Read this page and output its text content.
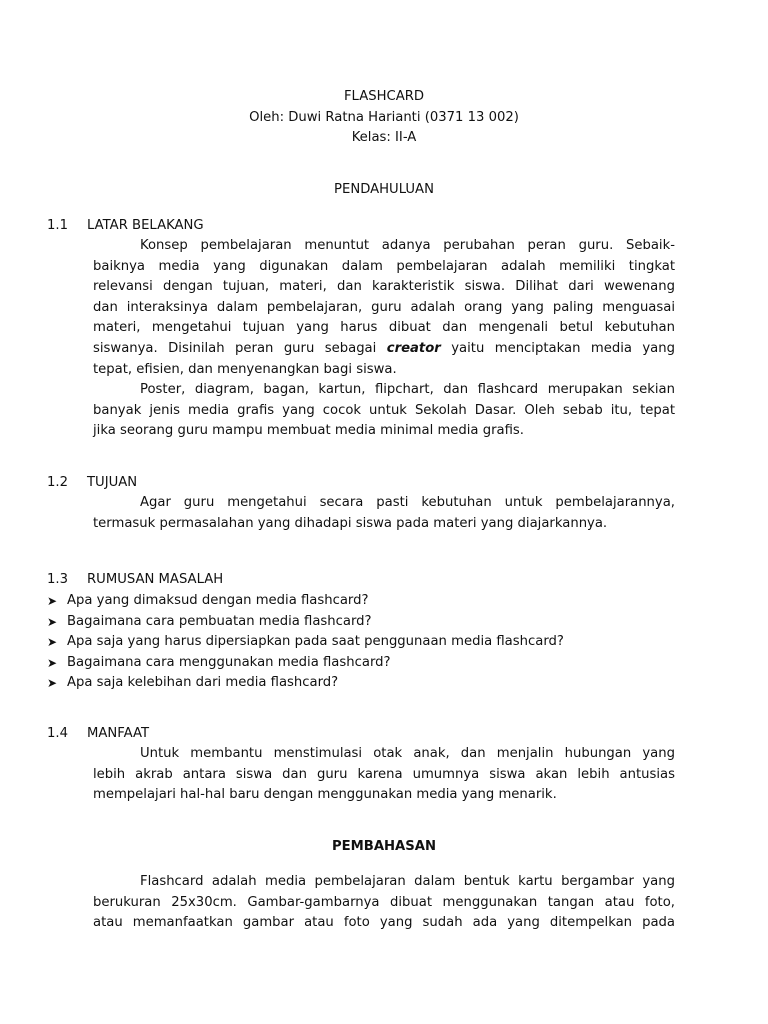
FLASHCARD

Oleh: Duwi Ratna Harianti (0371 13 002)

Kelas: II-A

PENDAHULUAN

1.1 LATAR BELAKANG

Konsep pembelajaran menuntut adanya perubahan peran guru. Sebaik-
baiknya media yang digunakan dalam pembelajaran adalah memiliki tingkat
relevansi dengan tujuan, materi, dan karakteristik siswa. Dilihat dari wewenang
dan interaksinya dalam pembelajaran, guru adalah orang yang paling menguasai
materi, mengetahui tujuan yang harus dibuat dan mengenali betul kebutuhan
siswanya. Disinilah peran guru sebagai creator yaitu menciptakan media yang
tepat, efisien, dan menyenangkan bagi siswa.
Poster, diagram, bagan, kartun, flipchart, dan flashcard merupakan sekian
banyak jenis media grafis yang cocok untuk Sekolah Dasar. Oleh sebab itu, tepat
jika seorang guru mampu membuat media minimal media grafis.

1.2 TUJUAN

Agar guru mengetahui secara pasti kebutuhan untuk pembelajarannya,
termasuk permasalahan yang dihadapi siswa pada materi yang diajarkannya.

1.3 RUMUSAN MASALAH

➤ Apa yang dimaksud dengan media flashcard?
➤ Bagaimana cara pembuatan media flashcard?
➤ Apa saja yang harus dipersiapkan pada saat penggunaan media flashcard?
➤ Bagaimana cara menggunakan media flashcard?
➤ Apa saja kelebihan dari media flashcard?

1.4 MANFAAT

Untuk membantu menstimulasi otak anak, dan menjalin hubungan yang
lebih akrab antara siswa dan guru karena umumnya siswa akan lebih antusias
mempelajari hal-hal baru dengan menggunakan media yang menarik.

PEMBAHASAN

Flashcard adalah media pembelajaran dalam bentuk kartu bergambar yang
berukuran 25x30cm. Gambar-gambarnya dibuat menggunakan tangan atau foto,
atau memanfaatkan gambar atau foto yang sudah ada yang ditempelkan pada
